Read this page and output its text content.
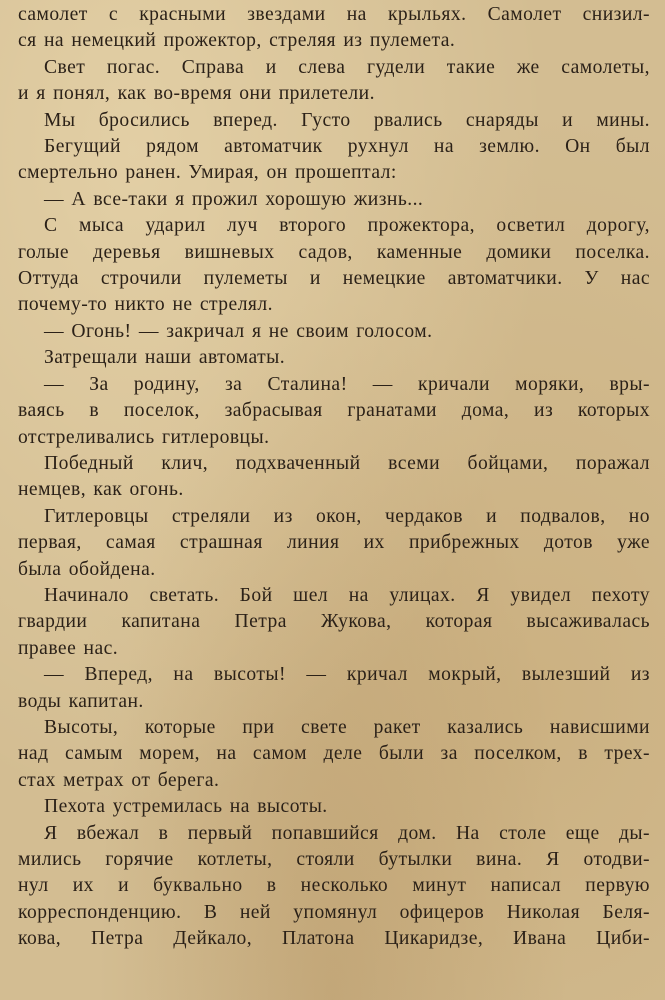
самолет с красными звездами на крыльях. Самолет снизил-
ся на немецкий прожектор, стреляя из пулемета.
Свет погас. Справа и слева гудели такие же самолеты,
и я понял, как во-время они прилетели.
Мы бросились вперед. Густо рвались снаряды и мины.
Бегущий рядом автоматчик рухнул на землю. Он был
смертельно ранен. Умирая, он прошептал:
— А все-таки я прожил хорошую жизнь...
С мыса ударил луч второго прожектора, осветил дорогу,
голые деревья вишневых садов, каменные домики поселка.
Оттуда строчили пулеметы и немецкие автоматчики. У нас
почему-то никто не стрелял.
— Огонь! — закричал я не своим голосом.
Затрещали наши автоматы.
— За родину, за Сталина! — кричали моряки, вры-
ваясь в поселок, забрасывая гранатами дома, из которых
отстреливались гитлеровцы.
Победный клич, подхваченный всеми бойцами, поражал
немцев, как огонь.
Гитлеровцы стреляли из окон, чердаков и подвалов, но
первая, самая страшная линия их прибрежных дотов уже
была обойдена.
Начинало светать. Бой шел на улицах. Я увидел пехоту
гвардии капитана Петра Жукова, которая высаживалась
правее нас.
— Вперед, на высоты! — кричал мокрый, вылезший из
воды капитан.
Высоты, которые при свете ракет казались нависшими
над самым морем, на самом деле были за поселком, в трех-
стах метрах от берега.
Пехота устремилась на высоты.
Я вбежал в первый попавшийся дом. На столе еще ды-
мились горячие котлеты, стояли бутылки вина. Я отодви-
нул их и буквально в несколько минут написал первую
корреспонденцию. В ней упомянул офицеров Николая Беля-
кова, Петра Дейкало, Платона Цикаридзе, Ивана Циби-
